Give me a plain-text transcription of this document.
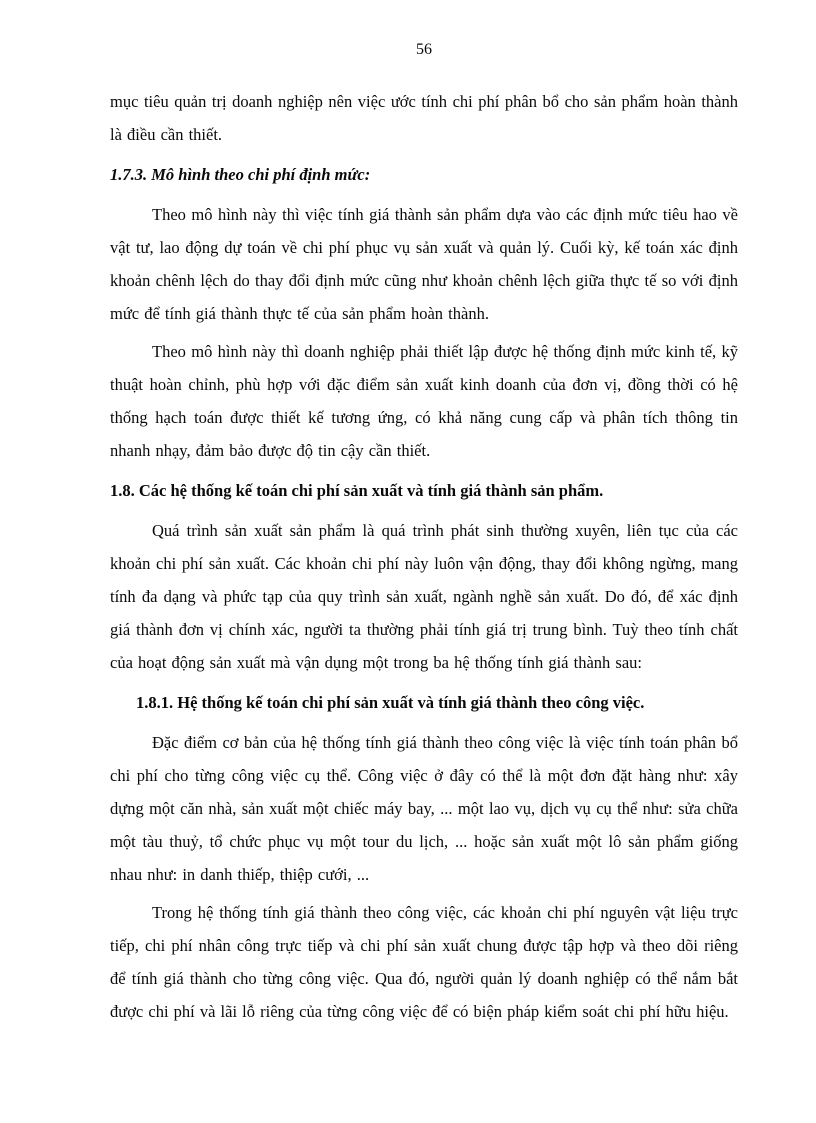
56

mục tiêu quản trị doanh nghiệp nên việc ước tính chi phí phân bổ cho sản phẩm hoàn thành là điều cần thiết.

1.7.3. Mô hình theo chi phí định mức:

Theo mô hình này thì việc tính giá thành sản phẩm dựa vào các định mức tiêu hao về vật tư, lao động dự toán về chi phí phục vụ sản xuất và quản lý. Cuối kỳ, kế toán xác định khoản chênh lệch do thay đổi định mức cũng như khoản chênh lệch giữa thực tế so với định mức để tính giá thành thực tế của sản phẩm hoàn thành.

Theo mô hình này thì doanh nghiệp phải thiết lập được hệ thống định mức kinh tế, kỹ thuật hoàn chỉnh, phù hợp với đặc điểm sản xuất kinh doanh của đơn vị, đồng thời có hệ thống hạch toán được thiết kế tương ứng, có khả năng cung cấp và phân tích thông tin nhanh nhạy, đảm bảo được độ tin cậy cần thiết.

1.8. Các hệ thống kế toán chi phí sản xuất và tính giá thành sản phẩm.

Quá trình sản xuất sản phẩm là quá trình phát sinh thường xuyên, liên tục của các khoản chi phí sản xuất. Các khoản chi phí này luôn vận động, thay đổi không ngừng, mang tính đa dạng và phức tạp của quy trình sản xuất, ngành nghề sản xuất. Do đó, để xác định giá thành đơn vị chính xác, người ta thường phải tính giá trị trung bình. Tuỳ theo tính chất của hoạt động sản xuất mà vận dụng một trong ba hệ thống tính giá thành sau:

1.8.1. Hệ thống kế toán chi phí sản xuất và tính giá thành theo công việc.

Đặc điểm cơ bản của hệ thống tính giá thành theo công việc là việc tính toán phân bổ chi phí cho từng công việc cụ thể. Công việc ở đây có thể là một đơn đặt hàng như: xây dựng một căn nhà, sản xuất một chiếc máy bay, ... một lao vụ, dịch vụ cụ thể như: sửa chữa một tàu thuỷ, tổ chức phục vụ một tour du lịch, ... hoặc sản xuất một lô sản phẩm giống nhau như: in danh thiếp, thiệp cưới, ...

Trong hệ thống tính giá thành theo công việc, các khoản chi phí nguyên vật liệu trực tiếp, chi phí nhân công trực tiếp và chi phí sản xuất chung được tập hợp và theo dõi riêng để tính giá thành cho từng công việc. Qua đó, người quản lý doanh nghiệp có thể nắm bắt được chi phí và lãi lỗ riêng của từng công việc để có biện pháp kiểm soát chi phí hữu hiệu.
